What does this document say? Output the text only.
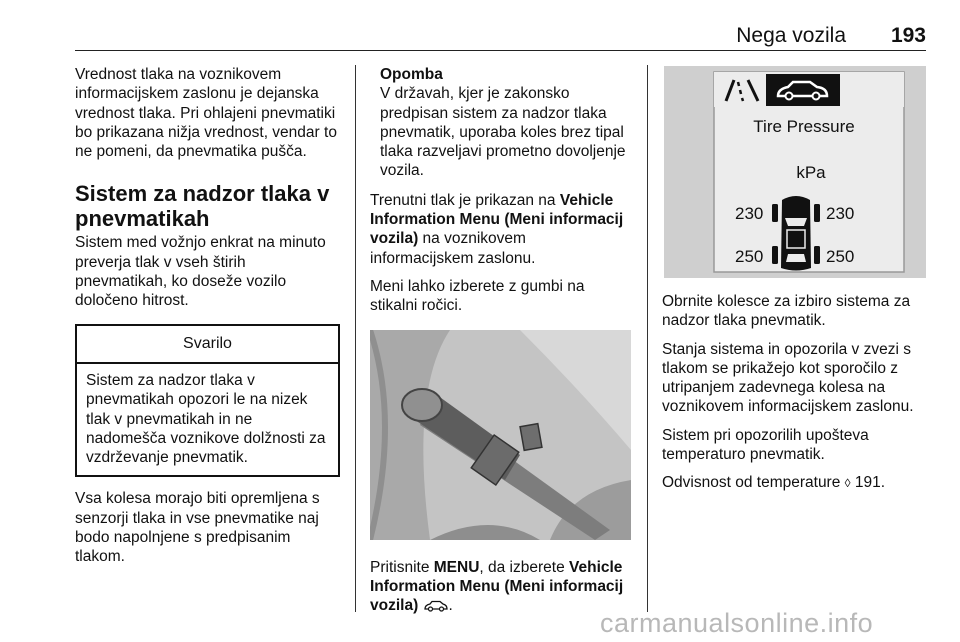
Nega vozila	193

Vrednost tlaka na voznikovem informacijskem zaslonu je dejanska vrednost tlaka. Pri ohlajeni pnevmatiki bo prikazana nižja vrednost, vendar to ne pomeni, da pnevmatika pušča.

Sistem za nadzor tlaka v pnevmatikah

Sistem med vožnjo enkrat na minuto preverja tlak v vseh štirih pnevmatikah, ko doseže vozilo določeno hitrost.

Svarilo
Sistem za nadzor tlaka v pnevmatikah opozori le na nizek tlak v pnevmatikah in ne nadomešča voznikove dolžnosti za vzdrževanje pnevmatik.

Vsa kolesa morajo biti opremljena s senzorji tlaka in vse pnevmatike naj bodo napolnjene s predpisanim tlakom.

Opomba
V državah, kjer je zakonsko predpisan sistem za nadzor tlaka pnevmatik, uporaba koles brez tipal tlaka razveljavi prometno dovoljenje vozila.

Trenutni tlak je prikazan na Vehicle Information Menu (Meni informacij vozila) na voznikovem informacijskem zaslonu.

Meni lahko izberete z gumbi na stikalni ročici.

Pritisnite MENU, da izberete Vehicle Information Menu (Meni informacij vozila) .

Tire Pressure
kPa
230	230
250	250

Obrnite kolesce za izbiro sistema za nadzor tlaka pnevmatik.

Stanja sistema in opozorila v zvezi s tlakom se prikažejo kot sporočilo z utripanjem zadevnega kolesa na voznikovem informacijskem zaslonu.

Sistem pri opozorilih upošteva temperaturo pnevmatik.

Odvisnost od temperature ◊ 191.

carmanualsonline.info
